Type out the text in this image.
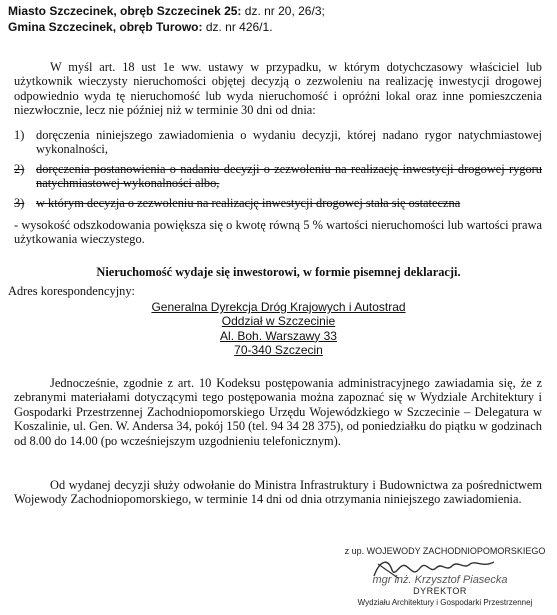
Miasto Szczecinek, obręb Szczecinek 25: dz. nr 20, 26/3;

Gmina Szczecinek, obręb Turowo: dz. nr 426/1.

W myśl art. 18 ust 1e ww. ustawy w przypadku, w którym dotychczasowy właściciel lub użytkownik wieczysty nieruchomości objętej decyzją o zezwoleniu na realizację inwestycji drogowej odpowiednio wyda tę nieruchomość lub wyda nieruchomość i opróżni lokal oraz inne pomieszczenia niezwłocznie, lecz nie później niż w terminie 30 dni od dnia:

1) doręczenia niniejszego zawiadomienia o wydaniu decyzji, której nadano rygor natychmiastowej wykonalności,
2) doręczenia postanowienia o nadaniu decyzji o zezwoleniu na realizację inwestycji drogowej rygoru natychmiastowej wykonalności albo,
3) w którym decyzja o zezwoleniu na realizację inwestycji drogowej stała się ostateczna

- wysokość odszkodowania powiększa się o kwotę równą 5 % wartości nieruchomości lub wartości prawa użytkowania wieczystego.

Nieruchomość wydaje się inwestorowi, w formie pisemnej deklaracji.

Adres korespondencyjny:

Generalna Dyrekcja Dróg Krajowych i Autostrad
Oddział w Szczecinie
Al. Boh. Warszawy 33
70-340 Szczecin

Jednocześnie, zgodnie z art. 10 Kodeksu postępowania administracyjnego zawiadamia się, że z zebranymi materiałami dotyczącymi tego postępowania można zapoznać się w Wydziale Architektury i Gospodarki Przestrzennej Zachodniopomorskiego Urzędu Wojewódzkiego w Szczecinie – Delegatura w Koszalinie, ul. Gen. W. Andersa 34, pokój 150 (tel. 94 34 28 375), od poniedziałku do piątku w godzinach od 8.00 do 14.00 (po wcześniejszym uzgodnieniu telefonicznym).

Od wydanej decyzji służy odwołanie do Ministra Infrastruktury i Budownictwa za pośrednictwem Wojewody Zachodniopomorskiego, w terminie 14 dni od dnia otrzymania niniejszego zawiadomienia.

z up. WOJEWODY ZACHODNIOPOMORSKIEGO
mgr inż. Krzysztof Piasecka
DYREKTOR
Wydziału Architektury i Gospodarki Przestrzennej
